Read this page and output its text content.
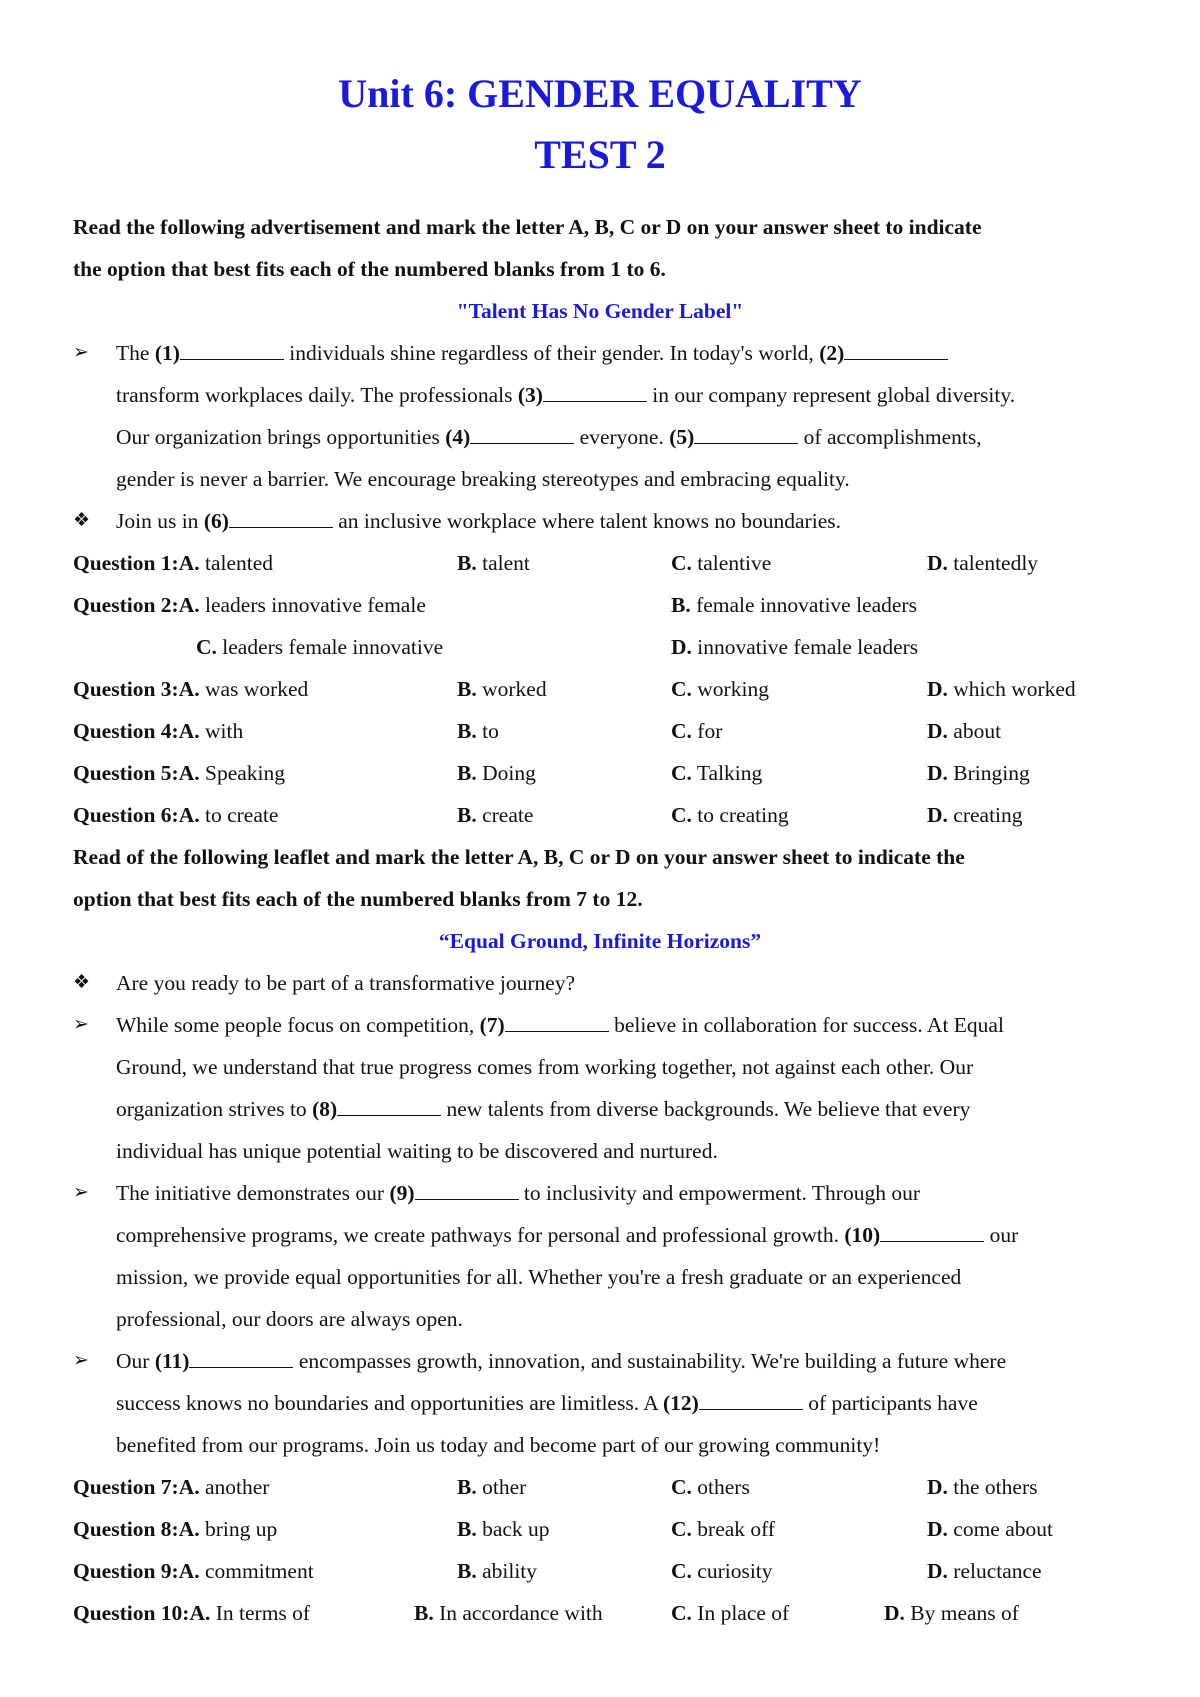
Unit 6: GENDER EQUALITY
TEST 2
Read the following advertisement and mark the letter A, B, C or D on your answer sheet to indicate
the option that best fits each of the numbered blanks from 1 to 6.
"Talent Has No Gender Label"
➢ The (1)	individuals shine regardless of their gender. In today's world, (2)
transform workplaces daily. The professionals (3)	in our company represent global diversity.
Our organization brings opportunities (4)	everyone. (5)	of accomplishments,
gender is never a barrier. We encourage breaking stereotypes and embracing equality.
❖ Join us in (6)	an inclusive workplace where talent knows no boundaries.
Question 1:A. talented	B. talent	C. talentive	D. talentedly
Question 2:A. leaders innovative female	B. female innovative leaders
C. leaders female innovative	D. innovative female leaders
Question 3:A. was worked	B. worked	C. working	D. which worked
Question 4:A. with	B. to	C. for	D. about
Question 5:A. Speaking	B. Doing	C. Talking	D. Bringing
Question 6:A. to create	B. create	C. to creating	D. creating
Read of the following leaflet and mark the letter A, B, C or D on your answer sheet to indicate the
option that best fits each of the numbered blanks from 7 to 12.
“Equal Ground, Infinite Horizons”
❖ Are you ready to be part of a transformative journey?
➢ While some people focus on competition, (7)	believe in collaboration for success. At Equal
Ground, we understand that true progress comes from working together, not against each other. Our
organization strives to (8)	new talents from diverse backgrounds. We believe that every
individual has unique potential waiting to be discovered and nurtured.
➢ The initiative demonstrates our (9)	to inclusivity and empowerment. Through our
comprehensive programs, we create pathways for personal and professional growth. (10)	our
mission, we provide equal opportunities for all. Whether you're a fresh graduate or an experienced
professional, our doors are always open.
➢ Our (11)	encompasses growth, innovation, and sustainability. We're building a future where
success knows no boundaries and opportunities are limitless. A (12)	of participants have
benefited from our programs. Join us today and become part of our growing community!
Question 7:A. another	B. other	C. others	D. the others
Question 8:A. bring up	B. back up	C. break off	D. come about
Question 9:A. commitment	B. ability	C. curiosity	D. reluctance
Question 10:A. In terms of	B. In accordance with	C. In place of	D. By means of
